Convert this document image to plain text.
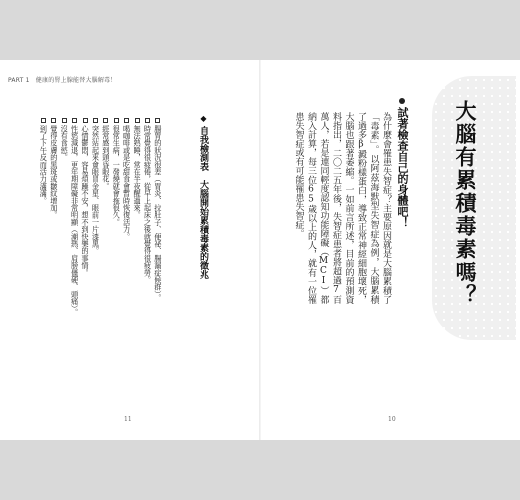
PART 1　健康的腎上腺能替大腦解毒！
◆自我檢測表　大腦開始累積毒素的徵兆
腸胃的狀況很差（胃炎、拉肚子、便祕、腸漏症候群）。
時常覺得很疲倦，從早上起床之後就覺得很疲勞。
無法熟睡，常在半夜醒過來。
喝咖啡或是吃甜食會暫時恢復活力。
很常生病，一發燒就會拖很久。
經常感到頭昏眼花。
突然站起來會眼冒金星、眼前一片漆黑。
心情鬱悶，容易煩躁不安，想不到快樂的事情。
性慾減退，更年期障礙非常明顯（潮熱、肩膀僵硬、頭痛）。
沒有食慾。
覺得皮膚的黑斑或皺紋增加。
到了下午反而活力滿滿。
11
為什麼會罹患失智症？主要原因就是大腦累積了「毒素」。以阿茲海默型失智症為例，大腦累積了過多β澱粉樣蛋白，導致正常神經細胞壞死，大腦也跟著萎縮。一如前言所述，目前的預測資料指出，二〇二五年後，失智症患者將超過7百萬人，若是連同輕度認知功能障礙（MCI）都納入計算，每三位65歲以上的人，就有一位罹患失智症或有可能罹患失智症。	試著檢查自己的身體吧！ 大腦有累積毒素嗎？
10
